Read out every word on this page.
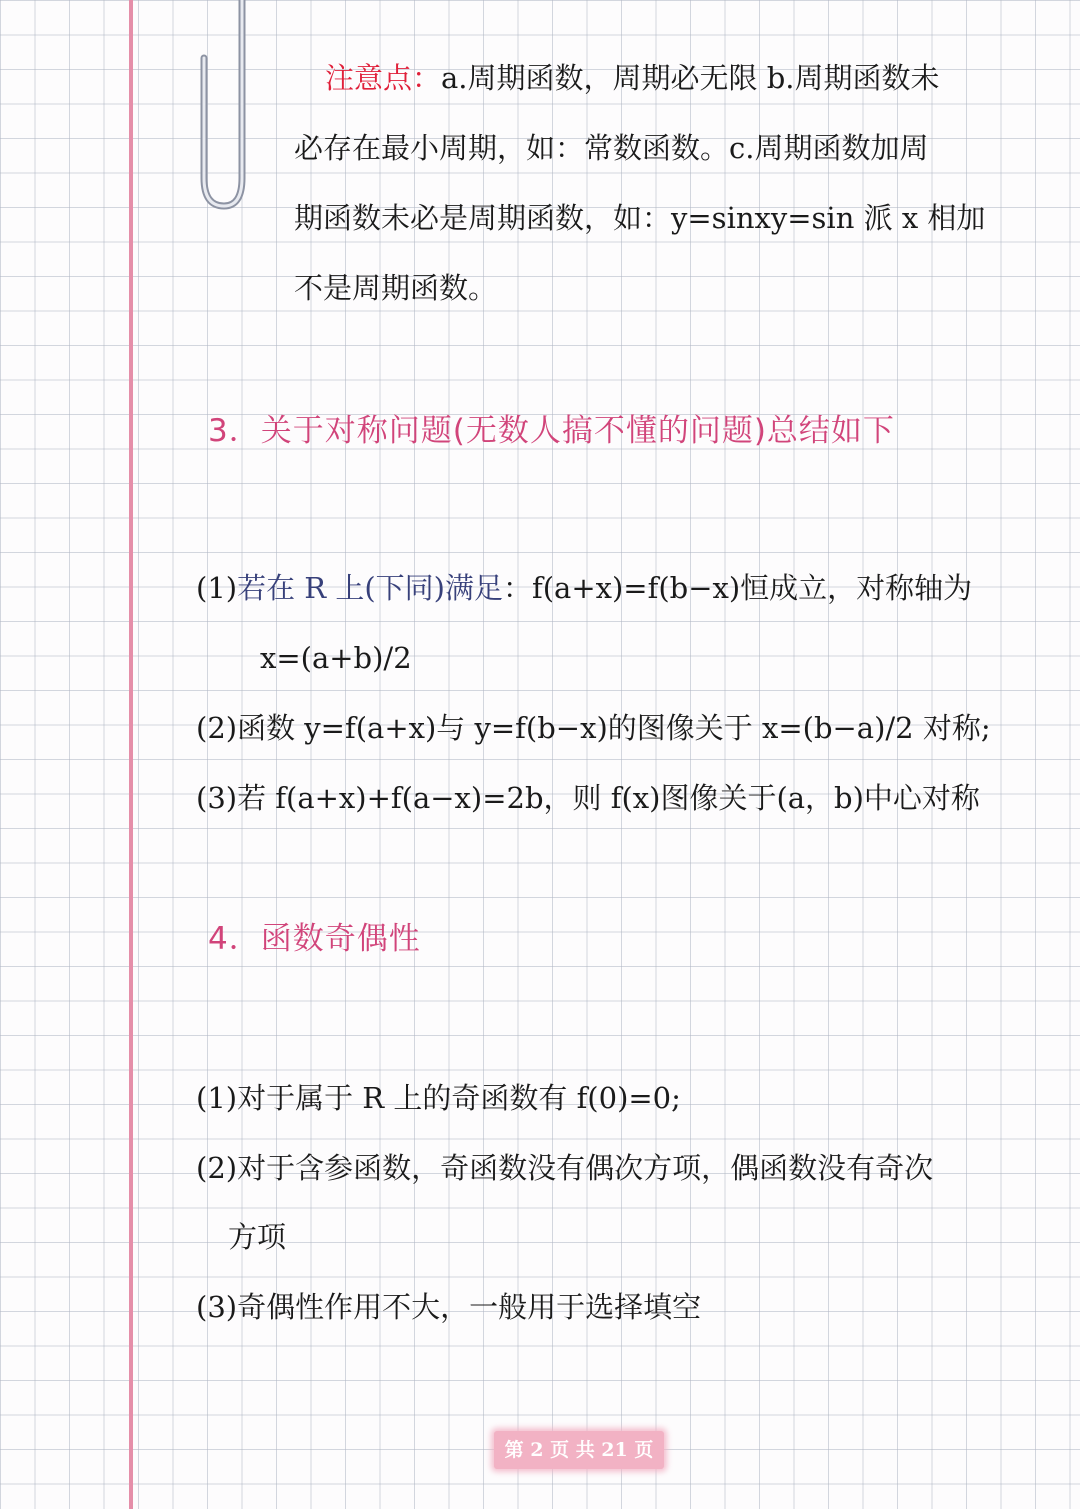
注意点：a.周期函数，周期必无限 b.周期函数未
必存在最小周期，如：常数函数。c.周期函数加周
期函数未必是周期函数，如：y=sinxy=sin 派 x 相加
不是周期函数。
3．关于对称问题(无数人搞不懂的问题)总结如下
(1)若在 R 上(下同)满足：f(a+x)=f(b−x)恒成立，对称轴为
x=(a+b)/2
(2)函数 y=f(a+x)与 y=f(b−x)的图像关于 x=(b−a)/2 对称;
(3)若 f(a+x)+f(a−x)=2b，则 f(x)图像关于(a，b)中心对称
4．函数奇偶性
(1)对于属于 R 上的奇函数有 f(0)=0;
(2)对于含参函数，奇函数没有偶次方项，偶函数没有奇次
方项
(3)奇偶性作用不大，一般用于选择填空
第 2 页 共 21 页
